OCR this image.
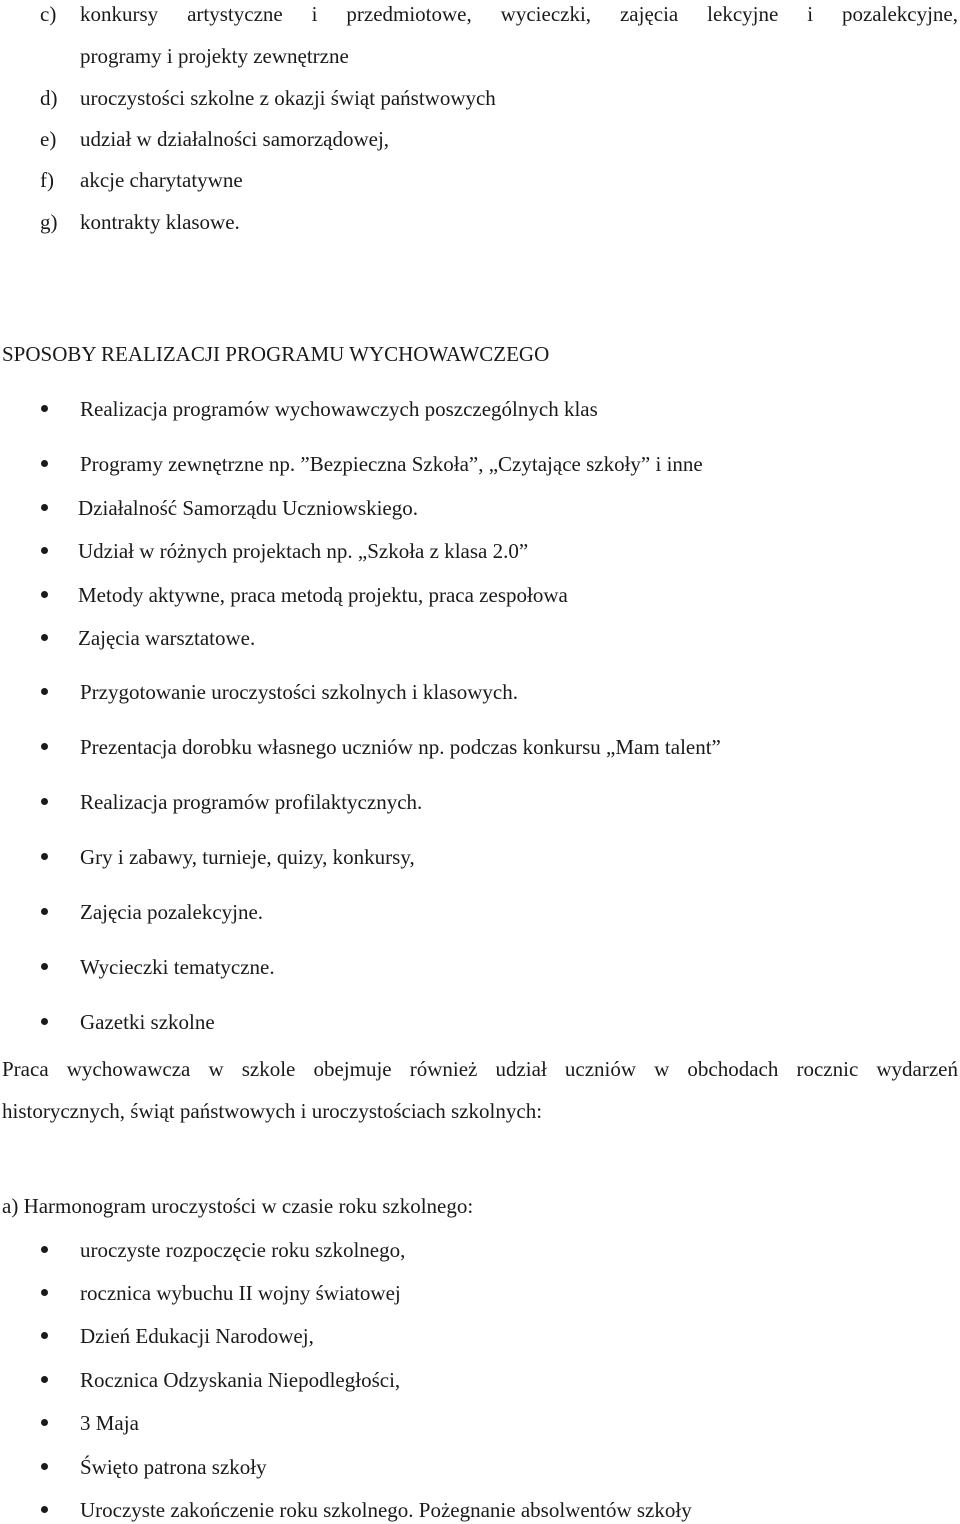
c) konkursy artystyczne i przedmiotowe, wycieczki, zajęcia lekcyjne i pozalekcyjne,
programy i projekty zewnętrzne
d) uroczystości szkolne z okazji świąt państwowych
e) udział w działalności samorządowej,
f) akcje charytatywne
g) kontrakty klasowe.
SPOSOBY REALIZACJI PROGRAMU WYCHOWAWCZEGO
Realizacja programów wychowawczych poszczególnych klas
Programy zewnętrzne np. ”Bezpieczna Szkoła”, „Czytające szkoły” i inne
Działalność Samorządu Uczniowskiego.
Udział w różnych projektach np. „Szkoła z klasa 2.0”
Metody aktywne, praca metodą projektu, praca zespołowa
Zajęcia warsztatowe.
Przygotowanie uroczystości szkolnych i klasowych.
Prezentacja dorobku własnego uczniów np. podczas konkursu „Mam talent”
Realizacja programów profilaktycznych.
Gry i zabawy, turnieje, quizy, konkursy,
Zajęcia pozalekcyjne.
Wycieczki tematyczne.
Gazetki szkolne
Praca wychowawcza w szkole obejmuje również udział uczniów w obchodach rocznic wydarzeń
historycznych, świąt państwowych i uroczystościach szkolnych:
a) Harmonogram uroczystości w czasie roku szkolnego:
uroczyste rozpoczęcie roku szkolnego,
rocznica wybuchu II wojny światowej
Dzień Edukacji Narodowej,
Rocznica Odzyskania Niepodległości,
3 Maja
Święto patrona szkoły
Uroczyste zakończenie roku szkolnego. Pożegnanie absolwentów szkoły
